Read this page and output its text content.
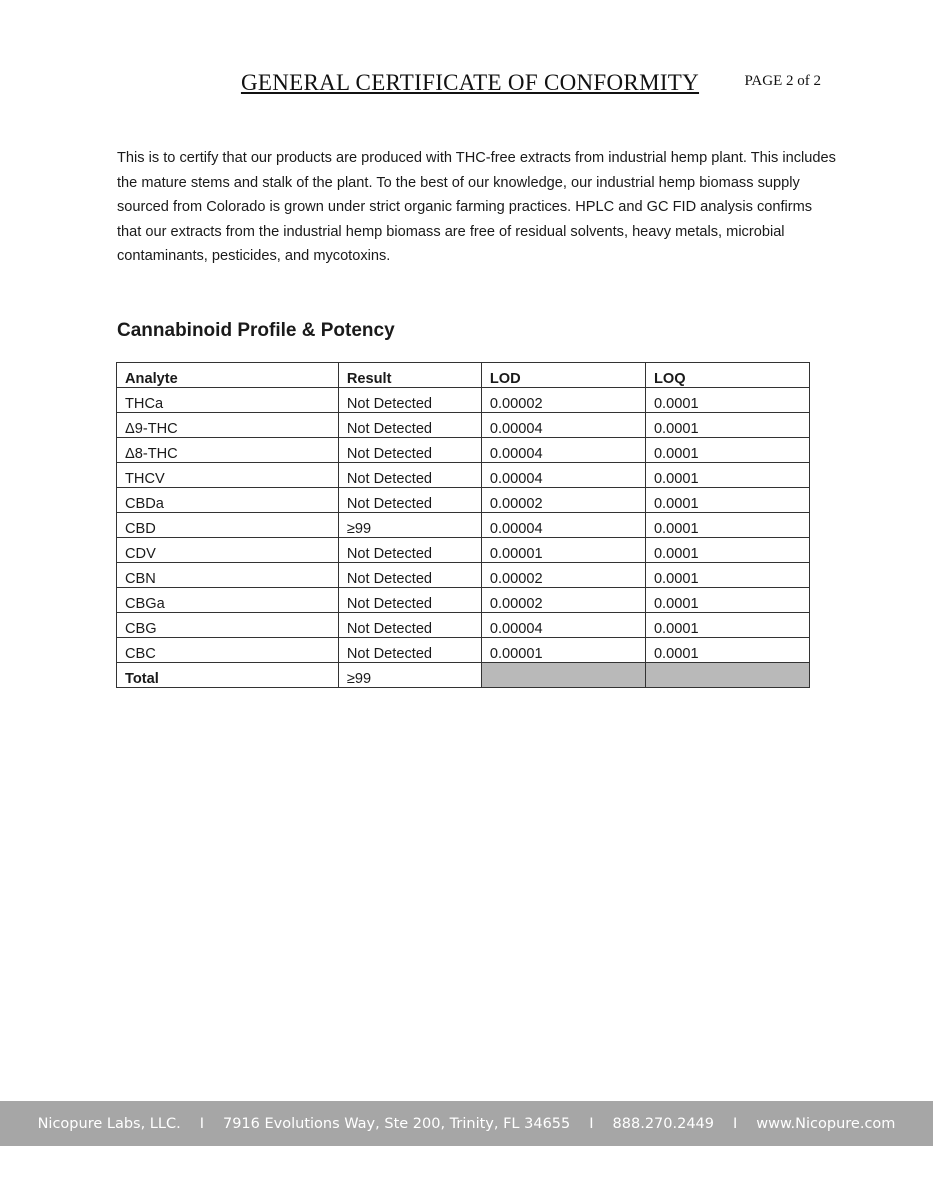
GENERAL CERTIFICATE OF CONFORMITY	PAGE 2 of 2

This is to certify that our products are produced with THC-free extracts from industrial hemp plant. This includes the mature stems and stalk of the plant. To the best of our knowledge, our industrial hemp biomass supply sourced from Colorado is grown under strict organic farming practices. HPLC and GC FID analysis confirms that our extracts from the industrial hemp biomass are free of residual solvents, heavy metals, microbial contaminants, pesticides, and mycotoxins.

Cannabinoid Profile & Potency
Analyte	Result	LOD	LOQ
THCa	Not Detected	0.00002	0.0001
Δ9-THC	Not Detected	0.00004	0.0001
Δ8-THC	Not Detected	0.00004	0.0001
THCV	Not Detected	0.00004	0.0001
CBDa	Not Detected	0.00002	0.0001
CBD	≥99	0.00004	0.0001
CDV	Not Detected	0.00001	0.0001
CBN	Not Detected	0.00002	0.0001
CBGa	Not Detected	0.00002	0.0001
CBG	Not Detected	0.00004	0.0001
CBC	Not Detected	0.00001	0.0001
Total	≥99		
Nicopure Labs, LLC. I 7916 Evolutions Way, Ste 200, Trinity, FL 34655 I 888.270.2449 I www.Nicopure.com
